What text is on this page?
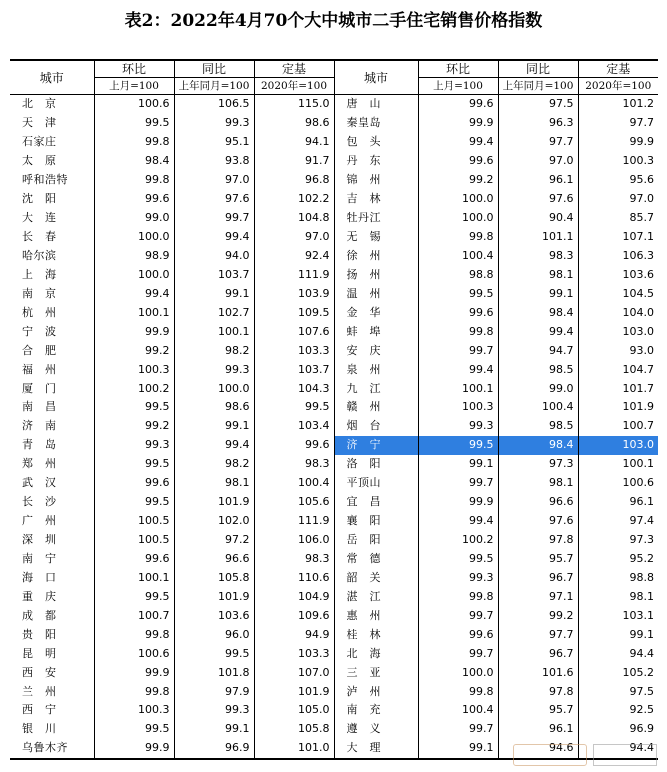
表2：2022年4月70个大中城市二手住宅销售价格指数
城市	环比	同比	定基	城市	环比	同比	定基
	上月=100	上年同月=100	2020年=100		上月=100	上年同月=100	2020年=100
北　京	100.6	106.5	115.0	唐　山	99.6	97.5	101.2
天　津	99.5	99.3	98.6	秦皇岛	99.9	96.3	97.7
石家庄	99.8	95.1	94.1	包　头	99.4	97.7	99.9
太　原	98.4	93.8	91.7	丹　东	99.6	97.0	100.3
呼和浩特	99.8	97.0	96.8	锦　州	99.2	96.1	95.6
沈　阳	99.6	97.6	102.2	吉　林	100.0	97.6	97.0
大　连	99.0	99.7	104.8	牡丹江	100.0	90.4	85.7
长　春	100.0	99.4	97.0	无　锡	99.8	101.1	107.1
哈尔滨	98.9	94.0	92.4	徐　州	100.4	98.3	106.3
上　海	100.0	103.7	111.9	扬　州	98.8	98.1	103.6
南　京	99.4	99.1	103.9	温　州	99.5	99.1	104.5
杭　州	100.1	102.7	109.5	金　华	99.6	98.4	104.0
宁　波	99.9	100.1	107.6	蚌　埠	99.8	99.4	103.0
合　肥	99.2	98.2	103.3	安　庆	99.7	94.7	93.0
福　州	100.3	99.3	103.7	泉　州	99.4	98.5	104.7
厦　门	100.2	100.0	104.3	九　江	100.1	99.0	101.7
南　昌	99.5	98.6	99.5	赣　州	100.3	100.4	101.9
济　南	99.2	99.1	103.4	烟　台	99.3	98.5	100.7
青　岛	99.3	99.4	99.6	济　宁	99.5	98.4	103.0
郑　州	99.5	98.2	98.3	洛　阳	99.1	97.3	100.1
武　汉	99.6	98.1	100.4	平顶山	99.7	98.1	100.6
长　沙	99.5	101.9	105.6	宜　昌	99.9	96.6	96.1
广　州	100.5	102.0	111.9	襄　阳	99.4	97.6	97.4
深　圳	100.5	97.2	106.0	岳　阳	100.2	97.8	97.3
南　宁	99.6	96.6	98.3	常　德	99.5	95.7	95.2
海　口	100.1	105.8	110.6	韶　关	99.3	96.7	98.8
重　庆	99.5	101.9	104.9	湛　江	99.8	97.1	98.1
成　都	100.7	103.6	109.6	惠　州	99.7	99.2	103.1
贵　阳	99.8	96.0	94.9	桂　林	99.6	97.7	99.1
昆　明	100.6	99.5	103.3	北　海	99.7	96.7	94.4
西　安	99.9	101.8	107.0	三　亚	100.0	101.6	105.2
兰　州	99.8	97.9	101.9	泸　州	99.8	97.8	97.5
西　宁	100.3	99.3	105.0	南　充	100.4	95.7	92.5
银　川	99.5	99.1	105.8	遵　义	99.7	96.1	96.9
乌鲁木齐	99.9	96.9	101.0	大　理	99.1	94.6	94.4
